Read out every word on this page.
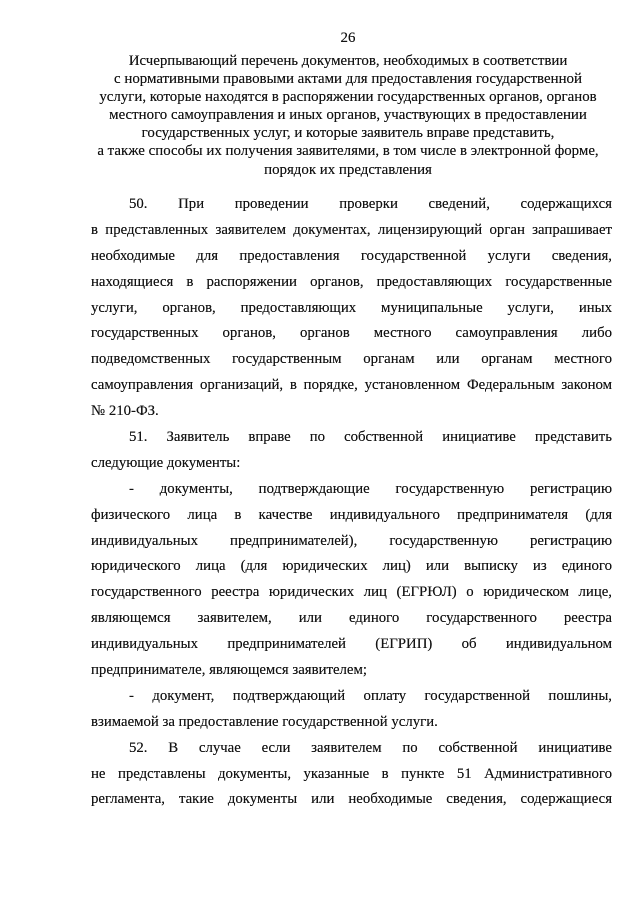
26
Исчерпывающий перечень документов, необходимых в соответствии
с нормативными правовыми актами для предоставления государственной
услуги, которые находятся в распоряжении государственных органов, органов
местного самоуправления и иных органов, участвующих в предоставлении
государственных услуг, и которые заявитель вправе представить,
а также способы их получения заявителями, в том числе в электронной форме,
порядок их представления
50. При проведении проверки сведений, содержащихся
в представленных заявителем документах, лицензирующий орган запрашивает
необходимые для предоставления государственной услуги сведения,
находящиеся в распоряжении органов, предоставляющих государственные
услуги, органов, предоставляющих муниципальные услуги, иных
государственных органов, органов местного самоуправления либо
подведомственных государственным органам или органам местного
самоуправления организаций, в порядке, установленном Федеральным законом
№ 210-ФЗ.
51. Заявитель вправе по собственной инициативе представить
следующие документы:
- документы, подтверждающие государственную регистрацию
физического лица в качестве индивидуального предпринимателя (для
индивидуальных предпринимателей), государственную регистрацию
юридического лица (для юридических лиц) или выписку из единого
государственного реестра юридических лиц (ЕГРЮЛ) о юридическом лице,
являющемся заявителем, или единого государственного реестра
индивидуальных предпринимателей (ЕГРИП) об индивидуальном
предпринимателе, являющемся заявителем;
- документ, подтверждающий оплату государственной пошлины,
взимаемой за предоставление государственной услуги.
52. В случае если заявителем по собственной инициативе
не представлены документы, указанные в пункте 51 Административного
регламента, такие документы или необходимые сведения, содержащиеся
